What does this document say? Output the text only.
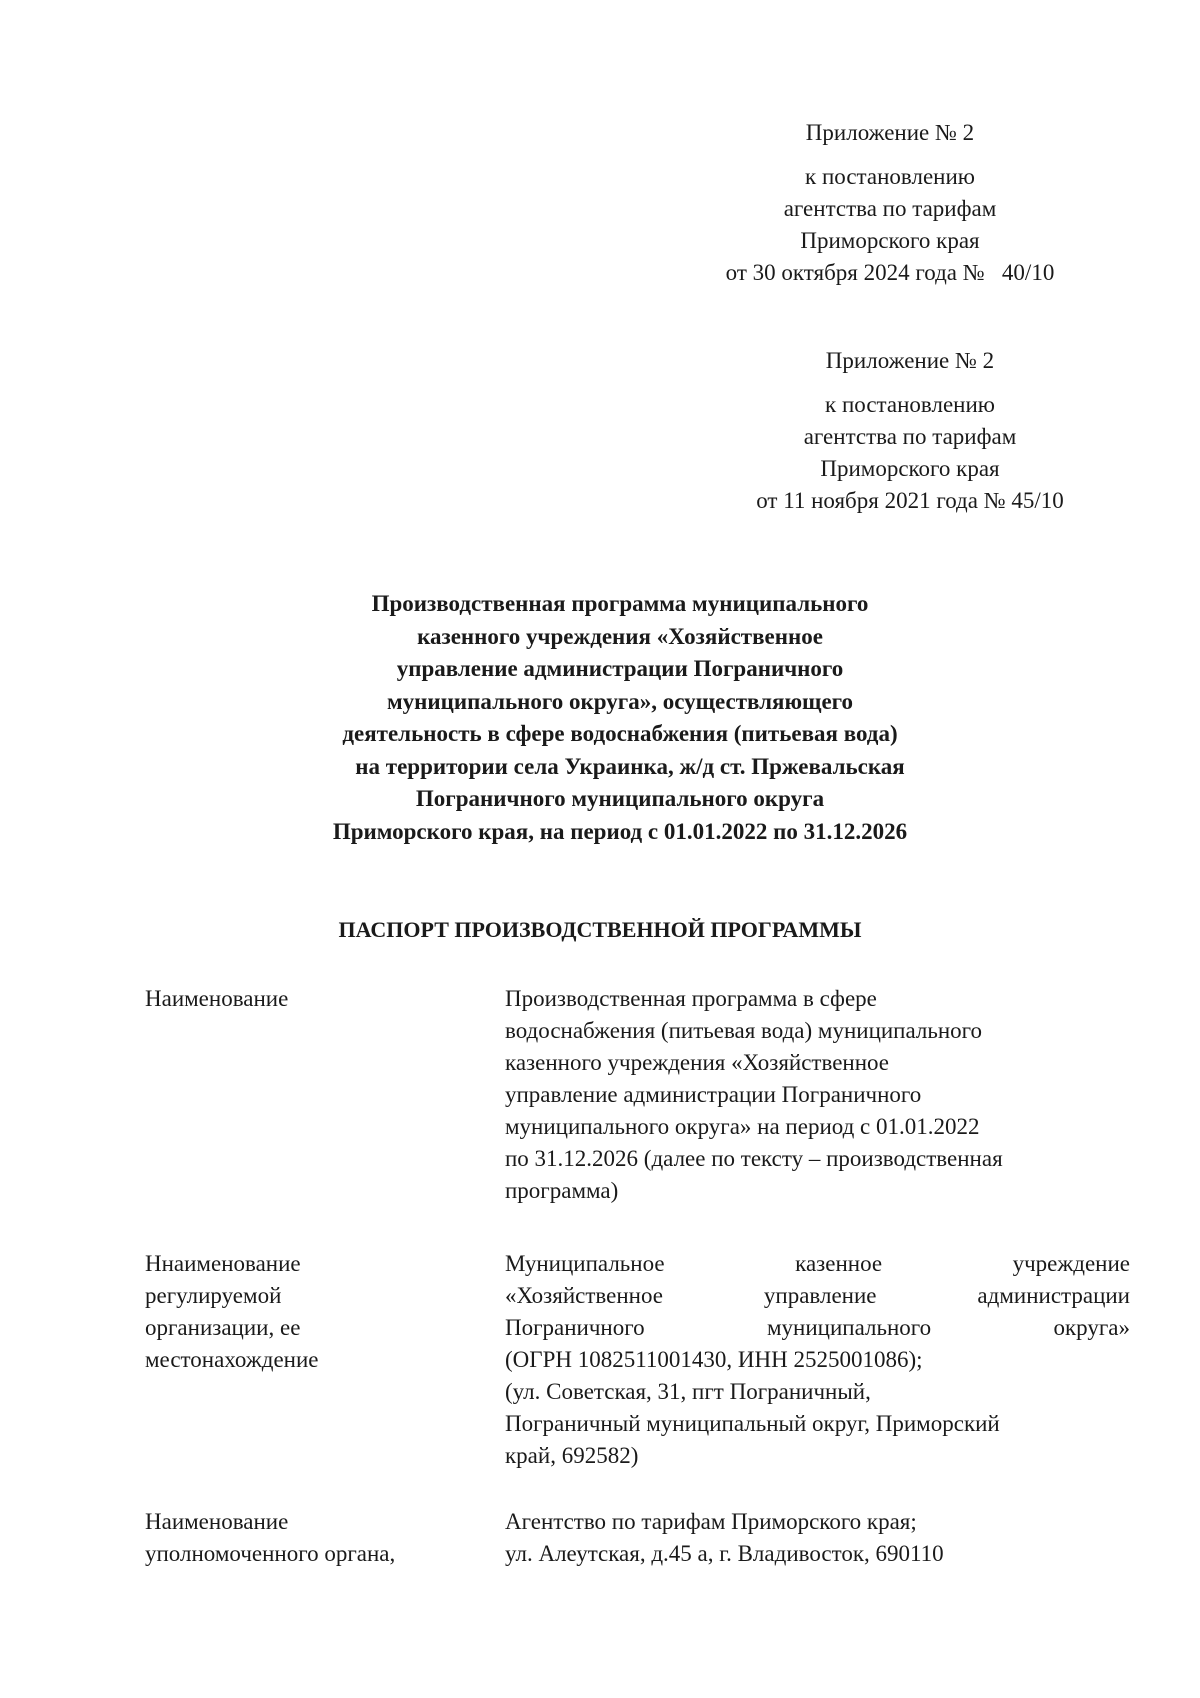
Приложение № 2
к постановлению
агентства по тарифам
Приморского края
от 30 октября 2024 года №   40/10
Приложение № 2
к постановлению
агентства по тарифам
Приморского края
от 11 ноября 2021 года № 45/10
Производственная программа муниципального
казенного учреждения «Хозяйственное
управление администрации Пограничного
муниципального округа», осуществляющего
деятельность в сфере водоснабжения (питьевая вода)
на территории села Украинка, ж/д ст. Пржевальская
Пограничного муниципального округа
Приморского края, на период с 01.01.2022 по 31.12.2026
ПАСПОРТ ПРОИЗВОДСТВЕННОЙ ПРОГРАММЫ
Наименование	Производственная программа в сфере
водоснабжения (питьевая вода) муниципального
казенного учреждения «Хозяйственное
управление администрации Пограничного
муниципального округа» на период с 01.01.2022
по 31.12.2026 (далее по тексту – производственная
программа)
Ннаименование
регулируемой
организации, ее
местонахождение
Муниципальное казенное учреждение
«Хозяйственное управление администрации
Пограничного муниципального округа»
(ОГРН 1082511001430, ИНН 2525001086);
(ул. Советская, 31, пгт Пограничный,
Пограничный муниципальный округ, Приморский
край, 692582)
Наименование
уполномоченного органа,
Агентство по тарифам Приморского края;
ул. Алеутская, д.45 а, г. Владивосток, 690110
